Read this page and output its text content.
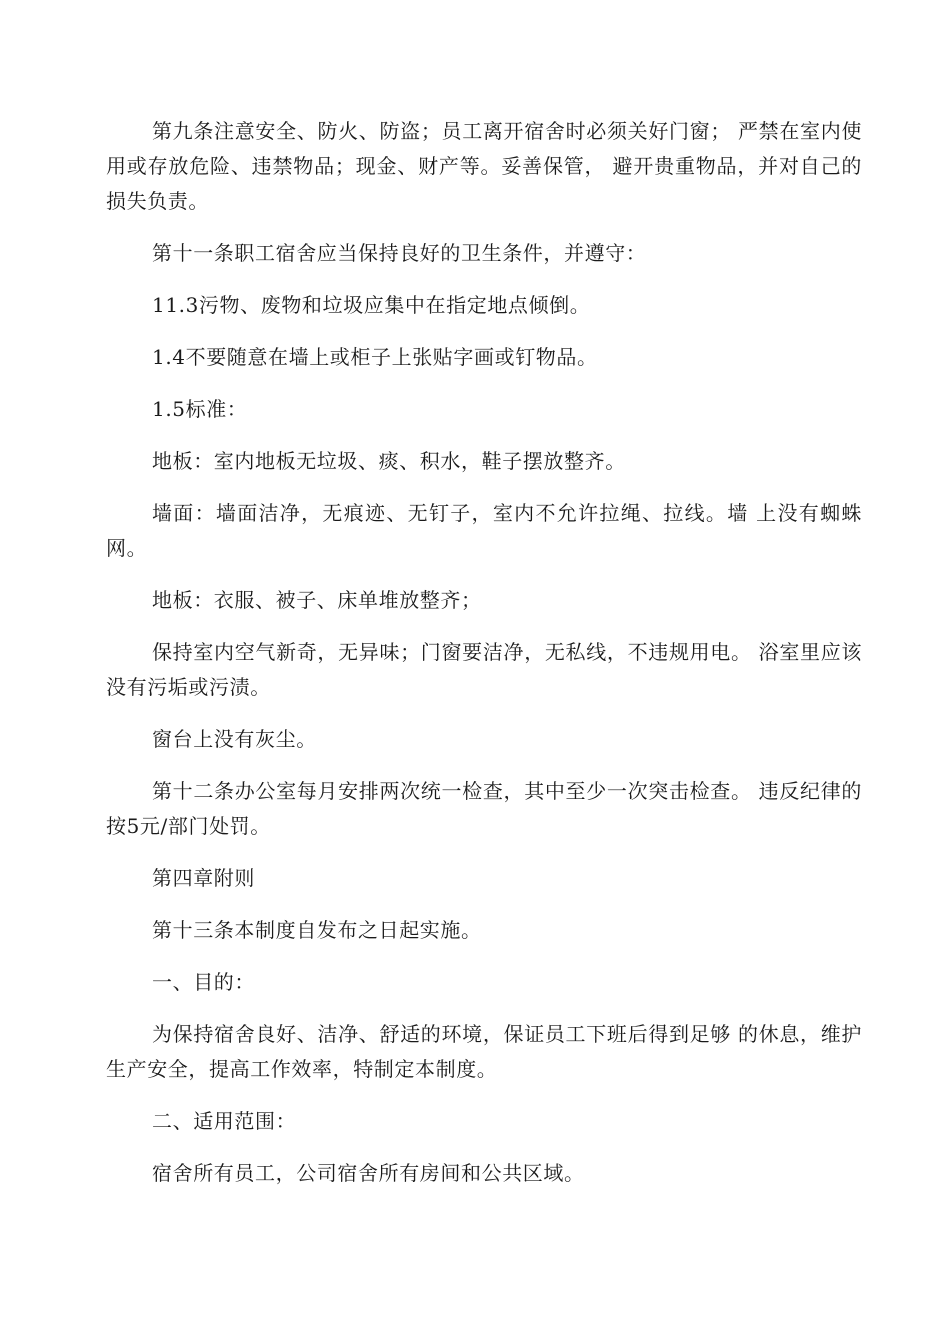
第九条注意安全、防火、防盗；员工离开宿舍时必须关好门窗； 严禁在室内使用或存放危险、违禁物品；现金、财产等。妥善保管， 避开贵重物品，并对自己的损失负责。

第十一条职工宿舍应当保持良好的卫生条件，并遵守：

11.3污物、废物和垃圾应集中在指定地点倾倒。

1.4不要随意在墙上或柜子上张贴字画或钉物品。

1.5标准：

地板：室内地板无垃圾、痰、积水，鞋子摆放整齐。

墙面：墙面洁净，无痕迹、无钉子，室内不允许拉绳、拉线。墙 上没有蜘蛛网。

地板：衣服、被子、床单堆放整齐；

保持室内空气新奇，无异味；门窗要洁净，无私线，不违规用电。 浴室里应该没有污垢或污渍。

窗台上没有灰尘。

第十二条办公室每月安排两次统一检查，其中至少一次突击检查。 违反纪律的按5元/部门处罚。

第四章附则

第十三条本制度自发布之日起实施。

一、目的：

为保持宿舍良好、洁净、舒适的环境，保证员工下班后得到足够 的休息，维护生产安全，提高工作效率，特制定本制度。

二、适用范围：

宿舍所有员工，公司宿舍所有房间和公共区域。
